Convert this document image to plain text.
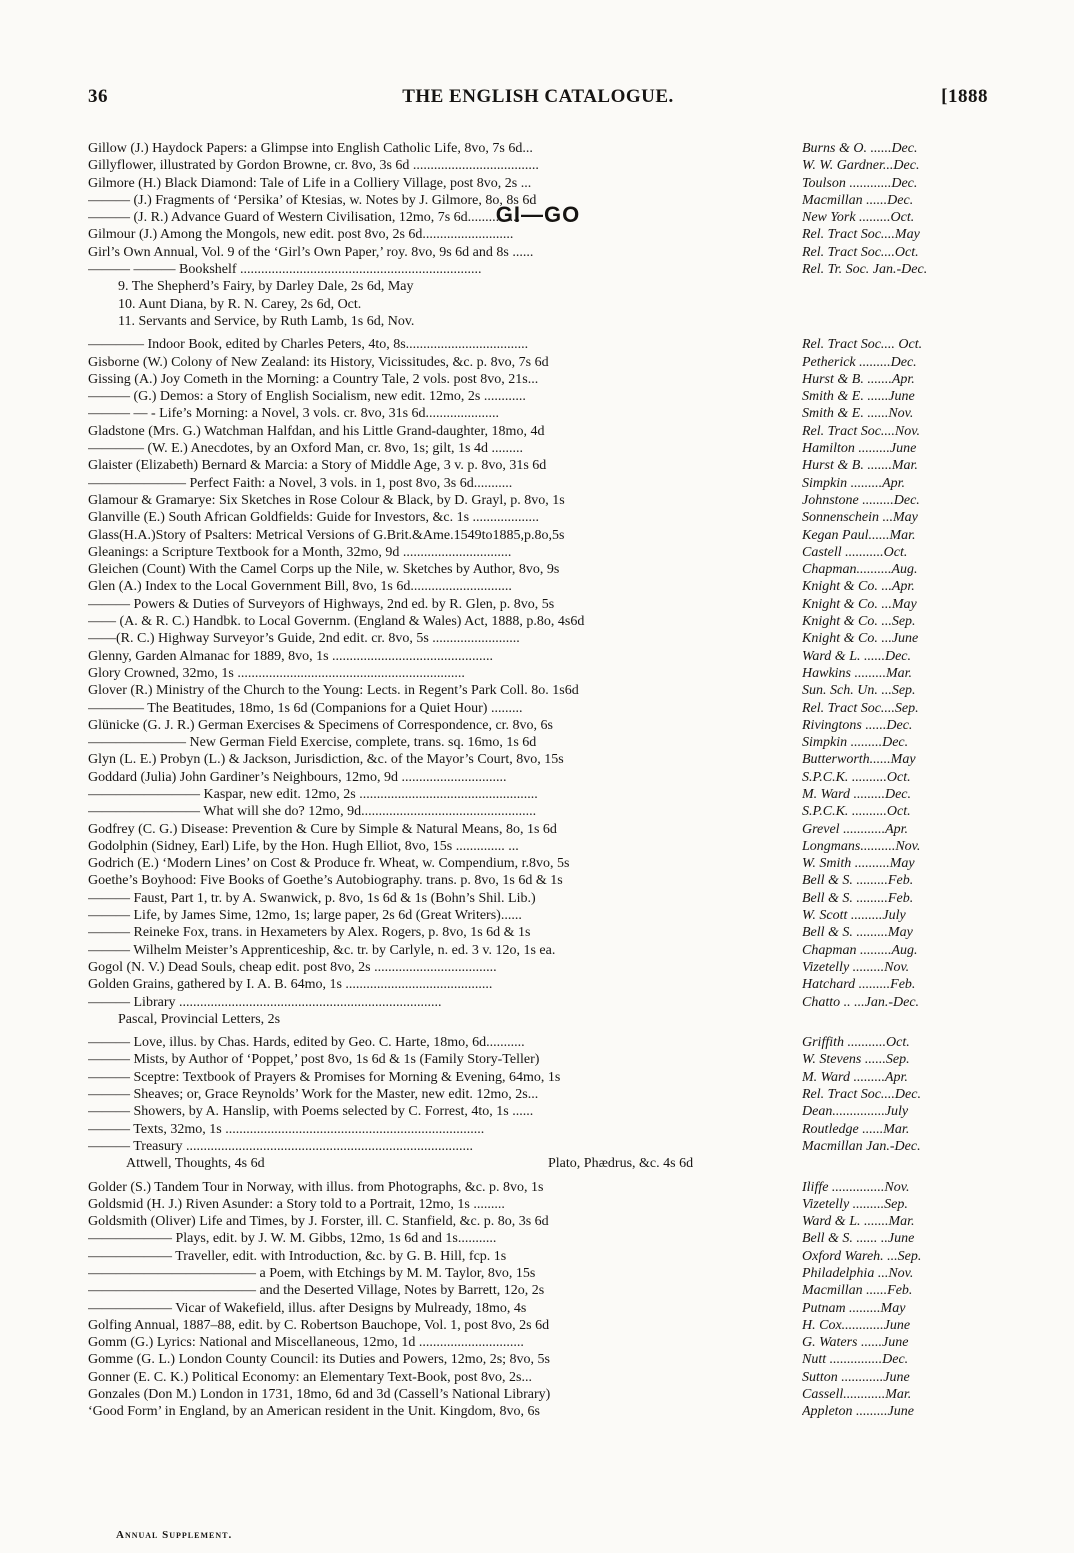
36	THE ENGLISH CATALOGUE.	[1888
GI—GO
Gillow (J.) Haydock Papers: a Glimpse into English Catholic Life, 8vo, 7s 6d...	Burns & O. ......Dec.
Gillyflower, illustrated by Gordon Browne, cr. 8vo, 3s 6d ....................................	W. W. Gardner...Dec.
Gilmore (H.) Black Diamond: Tale of Life in a Colliery Village, post 8vo, 2s ...	Toulson ............Dec.
——— (J.) Fragments of ‘Persika’ of Ktesias, w. Notes by J. Gilmore, 8o, 8s 6d	Macmillan ......Dec.
——— (J. R.) Advance Guard of Western Civilisation, 12mo, 7s 6d...............	New York .........Oct.
Gilmour (J.) Among the Mongols, new edit. post 8vo, 2s 6d..........................	Rel. Tract Soc....May
Girl’s Own Annual, Vol. 9 of the ‘Girl’s Own Paper,’ roy. 8vo, 9s 6d and 8s ......	Rel. Tract Soc....Oct.
——— ——— Bookshelf .....................................................................	Rel. Tr. Soc. Jan.-Dec.
9. The Shepherd’s Fairy, by Darley Dale, 2s 6d, May
10. Aunt Diana, by R. N. Carey, 2s 6d, Oct.
11. Servants and Service, by Ruth Lamb, 1s 6d, Nov.
———— Indoor Book, edited by Charles Peters, 4to, 8s...................................	Rel. Tract Soc.... Oct.
Gisborne (W.) Colony of New Zealand: its History, Vicissitudes, &c. p. 8vo, 7s 6d	Petherick .........Dec.
Gissing (A.) Joy Cometh in the Morning: a Country Tale, 2 vols. post 8vo, 21s...	Hurst & B. .......Apr.
——— (G.) Demos: a Story of English Socialism, new edit. 12mo, 2s ............	Smith & E. ......June
——— — - Life’s Morning: a Novel, 3 vols. cr. 8vo, 31s 6d.....................	Smith & E. ......Nov.
Gladstone (Mrs. G.) Watchman Halfdan, and his Little Grand-daughter, 18mo, 4d	Rel. Tract Soc....Nov.
———— (W. E.) Anecdotes, by an Oxford Man, cr. 8vo, 1s; gilt, 1s 4d .........	Hamilton .........June
Glaister (Elizabeth) Bernard & Marcia: a Story of Middle Age, 3 v. p. 8vo, 31s 6d	Hurst & B. .......Mar.
——————— Perfect Faith: a Novel, 3 vols. in 1, post 8vo, 3s 6d...........	Simpkin .........Apr.
Glamour & Gramarye: Six Sketches in Rose Colour & Black, by D. Grayl, p. 8vo, 1s	Johnstone .........Dec.
Glanville (E.) South African Goldfields: Guide for Investors, &c. 1s ...................	Sonnenschein ...May
Glass(H.A.)Story of Psalters: Metrical Versions of G.Brit.&Ame.1549to1885,p.8o,5s	Kegan Paul......Mar.
Gleanings: a Scripture Textbook for a Month, 32mo, 9d ...............................	Castell ...........Oct.
Gleichen (Count) With the Camel Corps up the Nile, w. Sketches by Author, 8vo, 9s	Chapman..........Aug.
Glen (A.) Index to the Local Government Bill, 8vo, 1s 6d.............................	Knight & Co. ...Apr.
——— Powers & Duties of Surveyors of Highways, 2nd ed. by R. Glen, p. 8vo, 5s	Knight & Co. ...May
—— (A. & R. C.) Handbk. to Local Governm. (England & Wales) Act, 1888, p.8o, 4s6d	Knight & Co. ...Sep.
——(R. C.) Highway Surveyor’s Guide, 2nd edit. cr. 8vo, 5s .........................	Knight & Co. ...June
Glenny, Garden Almanac for 1889, 8vo, 1s ..............................................	Ward & L. ......Dec.
Glory Crowned, 32mo, 1s .................................................................	Hawkins .........Mar.
Glover (R.) Ministry of the Church to the Young: Lects. in Regent’s Park Coll. 8o. 1s6d	Sun. Sch. Un. ...Sep.
———— The Beatitudes, 18mo, 1s 6d (Companions for a Quiet Hour) .........	Rel. Tract Soc....Sep.
Glünicke (G. J. R.) German Exercises & Specimens of Correspondence, cr. 8vo, 6s	Rivingtons ......Dec.
——————— New German Field Exercise, complete, trans. sq. 16mo, 1s 6d	Simpkin .........Dec.
Glyn (L. E.) Probyn (L.) & Jackson, Jurisdiction, &c. of the Mayor’s Court, 8vo, 15s	Butterworth......May
Goddard (Julia) John Gardiner’s Neighbours, 12mo, 9d ..............................	S.P.C.K. ..........Oct.
———————— Kaspar, new edit. 12mo, 2s ...................................................	M. Ward .........Dec.
———————— What will she do? 12mo, 9d..................................................	S.P.C.K. ..........Oct.
Godfrey (C. G.) Disease: Prevention & Cure by Simple & Natural Means, 8o, 1s 6d	Grevel ............Apr.
Godolphin (Sidney, Earl) Life, by the Hon. Hugh Elliot, 8vo, 15s .............. ...	Longmans..........Nov.
Godrich (E.) ‘Modern Lines’ on Cost & Produce fr. Wheat, w. Compendium, r.8vo, 5s	W. Smith ..........May
Goethe’s Boyhood: Five Books of Goethe’s Autobiography. trans. p. 8vo, 1s 6d & 1s	Bell & S. .........Feb.
——— Faust, Part 1, tr. by A. Swanwick, p. 8vo, 1s 6d & 1s (Bohn’s Shil. Lib.)	Bell & S. .........Feb.
——— Life, by James Sime, 12mo, 1s; large paper, 2s 6d (Great Writers)......	W. Scott .........July
——— Reineke Fox, trans. in Hexameters by Alex. Rogers, p. 8vo, 1s 6d & 1s	Bell & S. .........May
——— Wilhelm Meister’s Apprenticeship, &c. tr. by Carlyle, n. ed. 3 v. 12o, 1s ea.	Chapman .........Aug.
Gogol (N. V.) Dead Souls, cheap edit. post 8vo, 2s ...................................	Vizetelly .........Nov.
Golden Grains, gathered by I. A. B. 64mo, 1s ..........................................	Hatchard .........Feb.
——— Library ...........................................................................	Chatto .. ...Jan.-Dec.
Pascal, Provincial Letters, 2s
——— Love, illus. by Chas. Hards, edited by Geo. C. Harte, 18mo, 6d...........	Griffith ...........Oct.
——— Mists, by Author of ‘Poppet,’ post 8vo, 1s 6d & 1s (Family Story-Teller)	W. Stevens ......Sep.
——— Sceptre: Textbook of Prayers & Promises for Morning & Evening, 64mo, 1s	M. Ward .........Apr.
——— Sheaves; or, Grace Reynolds’ Work for the Master, new edit. 12mo, 2s...	Rel. Tract Soc....Dec.
——— Showers, by A. Hanslip, with Poems selected by C. Forrest, 4to, 1s ......	Dean...............July
——— Texts, 32mo, 1s ..........................................................................	Routledge ......Mar.
——— Treasury ..................................................................................	Macmillan Jan.-Dec.
Attwell, Thoughts, 4s 6d	Plato, Phædrus, &c. 4s 6d
Golder (S.) Tandem Tour in Norway, with illus. from Photographs, &c. p. 8vo, 1s	Iliffe ...............Nov.
Goldsmid (H. J.) Riven Asunder: a Story told to a Portrait, 12mo, 1s .........	Vizetelly .........Sep.
Goldsmith (Oliver) Life and Times, by J. Forster, ill. C. Stanfield, &c. p. 8o, 3s 6d	Ward & L. .......Mar.
—————— Plays, edit. by J. W. M. Gibbs, 12mo, 1s 6d and 1s...........	Bell & S. ...... ..June
—————— Traveller, edit. with Introduction, &c. by G. B. Hill, fcp. 1s	Oxford Wareh. ...Sep.
———————————— a Poem, with Etchings by M. M. Taylor, 8vo, 15s	Philadelphia ...Nov.
———————————— and the Deserted Village, Notes by Barrett, 12o, 2s	Macmillan ......Feb.
—————— Vicar of Wakefield, illus. after Designs by Mulready, 18mo, 4s	Putnam .........May
Golfing Annual, 1887–88, edit. by C. Robertson Bauchope, Vol. 1, post 8vo, 2s 6d	H. Cox............June
Gomm (G.) Lyrics: National and Miscellaneous, 12mo, 1d ..............................	G. Waters ......June
Gomme (G. L.) London County Council: its Duties and Powers, 12mo, 2s; 8vo, 5s	Nutt ...............Dec.
Gonner (E. C. K.) Political Economy: an Elementary Text-Book, post 8vo, 2s...	Sutton ............June
Gonzales (Don M.) London in 1731, 18mo, 6d and 3d (Cassell’s National Library)	Cassell............Mar.
‘Good Form’ in England, by an American resident in the Unit. Kingdom, 8vo, 6s	Appleton .........June
Annual Supplement.
